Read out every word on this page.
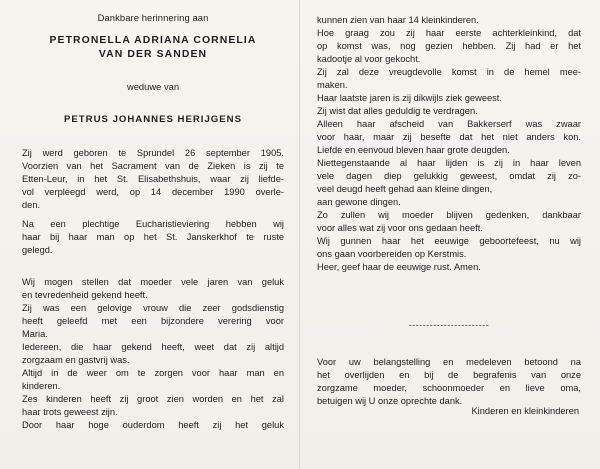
Dankbare herinnering aan
PETRONELLA ADRIANA CORNELIA
VAN DER SANDEN
weduwe van
PETRUS JOHANNES HERIJGENS
Zij werd geboren te Sprundel 26 september 1905.
Voorzien van het Sacrament van de Zieken is zij te
Etten-Leur, in het St. Elisabethshuis, waar zij liefde-
vol verpleegd werd, op 14 december 1990 overle-
den.
Na een plechtige Eucharistieviering hebben wij
haar bij haar man op het St. Janskerkhof te ruste
gelegd.
Wij mogen stellen dat moeder vele jaren van geluk
en tevredenheid gekend heeft.
Zij was een gelovige vrouw die zeer godsdienstig
heeft geleefd met een bijzondere verering voor
Maria.
Iedereen, die haar gekend heeft, weet dat zij altijd
zorgzaam en gastvrij was.
Altijd in de weer om te zorgen voor haar man en
kinderen.
Zes kinderen heeft zij groot zien worden en het zal
haar trots geweest zijn.
Door haar hoge ouderdom heeft zij het geluk
kunnen zien van haar 14 kleinkinderen.
Hoe graag zou zij haar eerste achterkleinkind, dat
op komst was, nog gezien hebben. Zij had er het
kadootje al voor gekocht.
Zij zal deze vreugdevolle komst in de hemel mee-
maken.
Haar laatste jaren is zij dikwijls ziek geweest.
Zij wist dat alles geduldig te verdragen.
Alleen haar afscheid van Bakkerserf was zwaar
voor haar, maar zij besefte dat het niet anders kon.
Liefde en eenvoud bleven haar grote deugden.
Niettegenstaande al haar lijden is zij in haar leven
vele dagen diep gelukkig geweest, omdat zij zo-
veel deugd heeft gehad aan kleine dingen,
aan gewone dingen.
Zo zullen wij moeder blijven gedenken, dankbaar
voor alles wat zij voor ons gedaan heeft.
Wij gunnen haar het eeuwige geboortefeest, nu wij
ons gaan voorbereiden op Kerstmis.
Heer, geef haar de eeuwige rust. Amen.
-----------------------
Voor uw belangstelling en medeleven betoond na
het overlijden en bij de begrafenis van onze
zorgzame moeder, schoonmoeder en lieve oma,
betuigen wij U onze oprechte dank.
Kinderen en kleinkinderen
